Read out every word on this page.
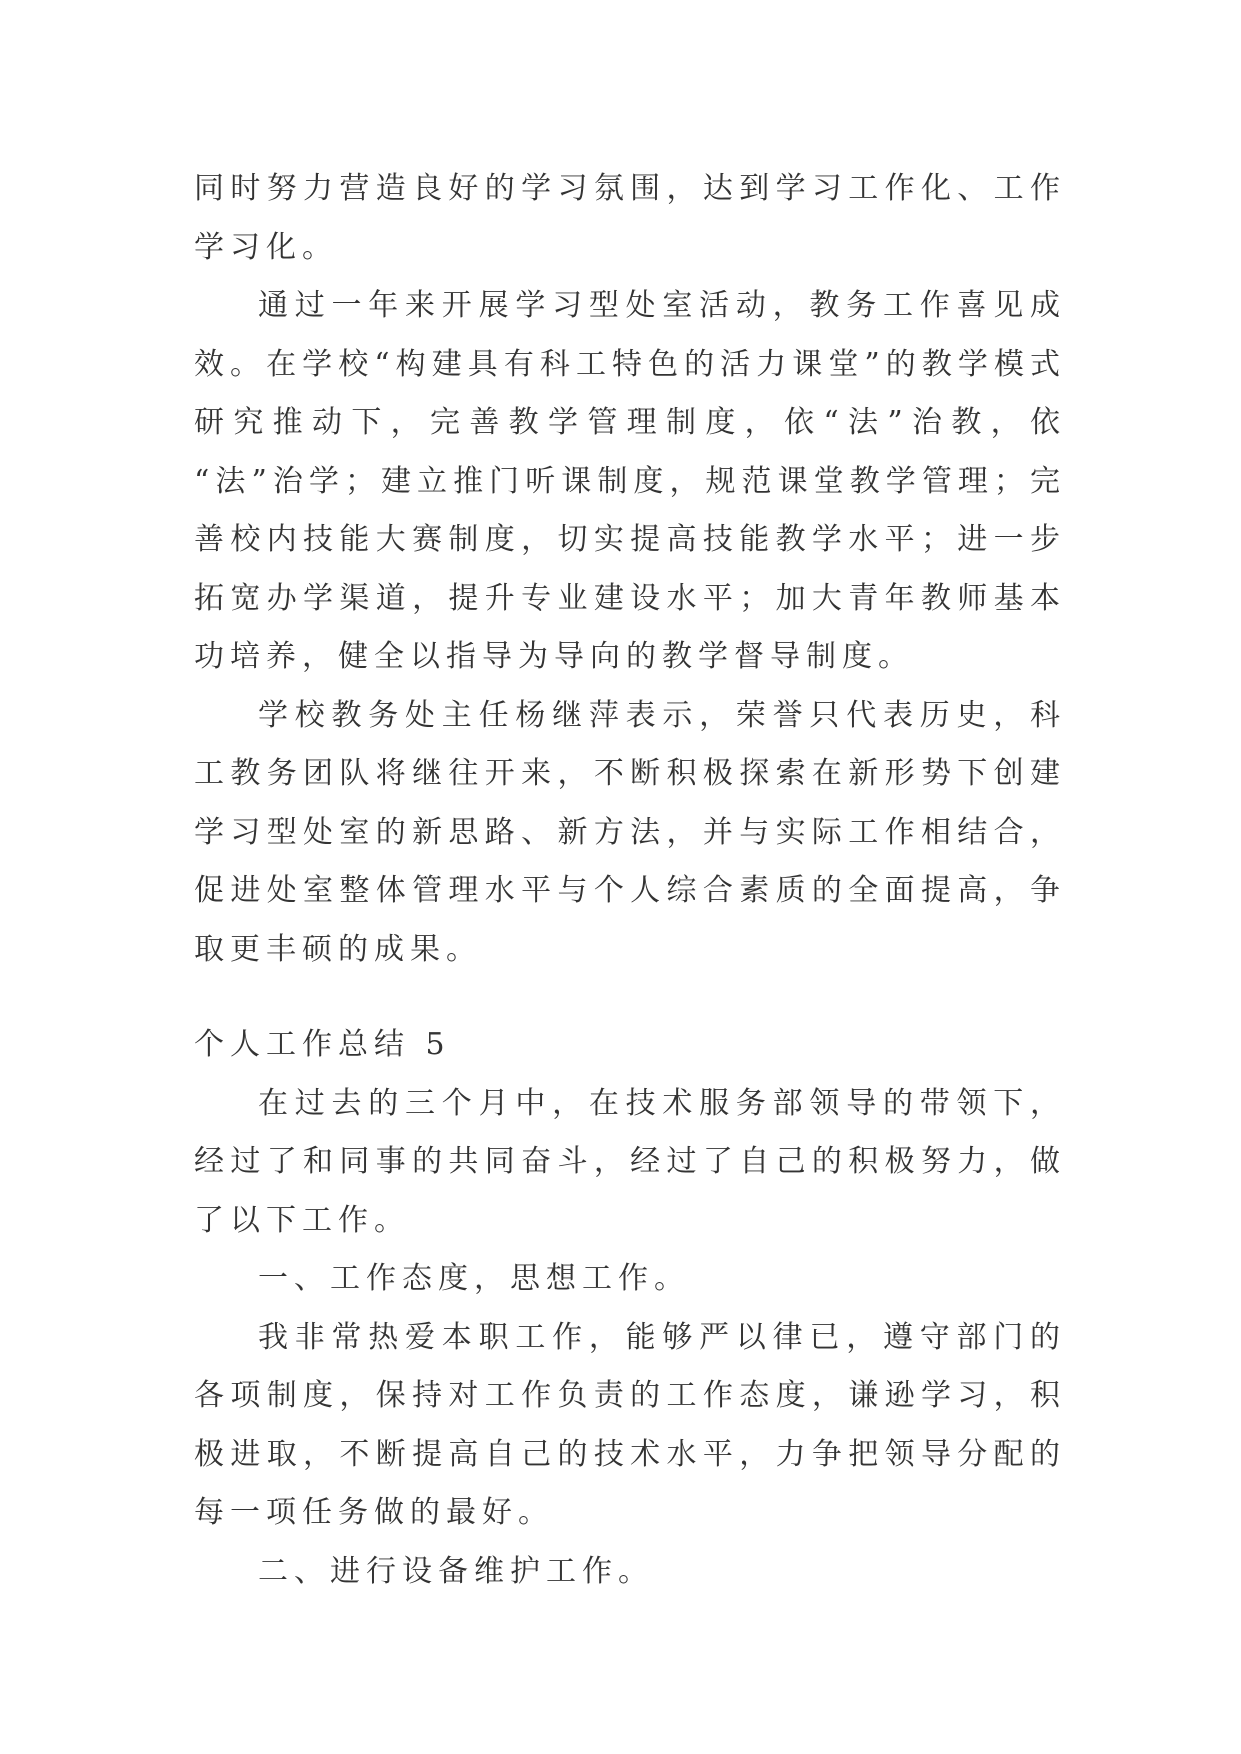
同时努力营造良好的学习氛围，达到学习工作化、工作学习化。

通过一年来开展学习型处室活动，教务工作喜见成效。在学校“构建具有科工特色的活力课堂”的教学模式研究推动下，完善教学管理制度，依“法”治教，依 “法”治学；建立推门听课制度，规范课堂教学管理；完善校内技能大赛制度，切实提高技能教学水平；进一步拓宽办学渠道，提升专业建设水平；加大青年教师基本功培养，健全以指导为导向的教学督导制度。

学校教务处主任杨继萍表示，荣誉只代表历史，科工教务团队将继往开来，不断积极探索在新形势下创建学习型处室的新思路、新方法，并与实际工作相结合，促进处室整体管理水平与个人综合素质的全面提高，争取更丰硕的成果。

个人工作总结 5

在过去的三个月中，在技术服务部领导的带领下，经过了和同事的共同奋斗，经过了自己的积极努力，做了以下工作。

一、工作态度，思想工作。

我非常热爱本职工作，能够严以律已，遵守部门的各项制度，保持对工作负责的工作态度，谦逊学习，积极进取，不断提高自己的技术水平，力争把领导分配的每一项任务做的最好。

二、进行设备维护工作。
